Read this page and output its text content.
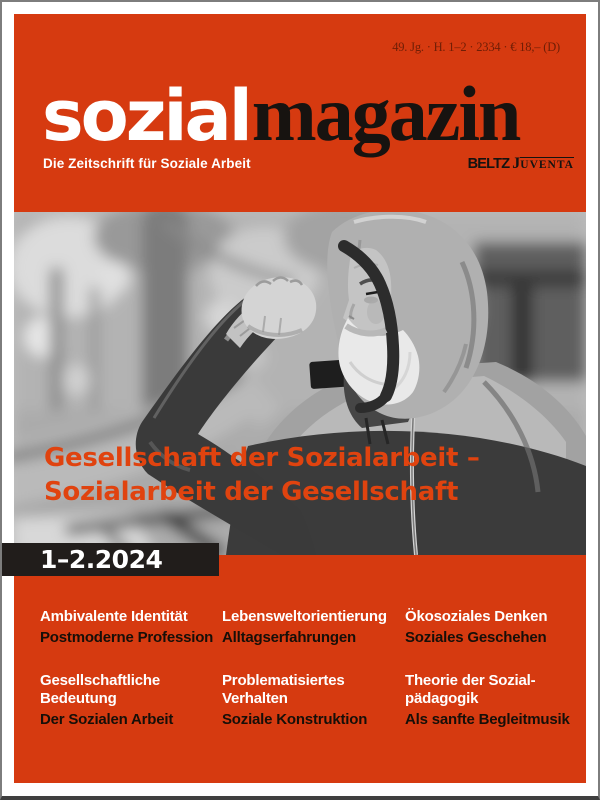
49. Jg. · H. 1–2 · 2334 · € 18,– (D)
sozialmagazin
Die Zeitschrift für Soziale Arbeit	BELTZ J UVENTA
Gesellschaft der Sozialarbeit –
Sozialarbeit der Gesellschaft
Ambivalente Identität
Postmoderne Profession
Lebensweltorientierung
Alltagserfahrungen
Ökosoziales Denken
Soziales Geschehen
Gesellschaftliche Bedeutung
Der Sozialen Arbeit
Problematisiertes Verhalten
Soziale Konstruktion
Theorie der Sozial-pädagogik
Als sanfte Begleitmusik
1–2.2024
